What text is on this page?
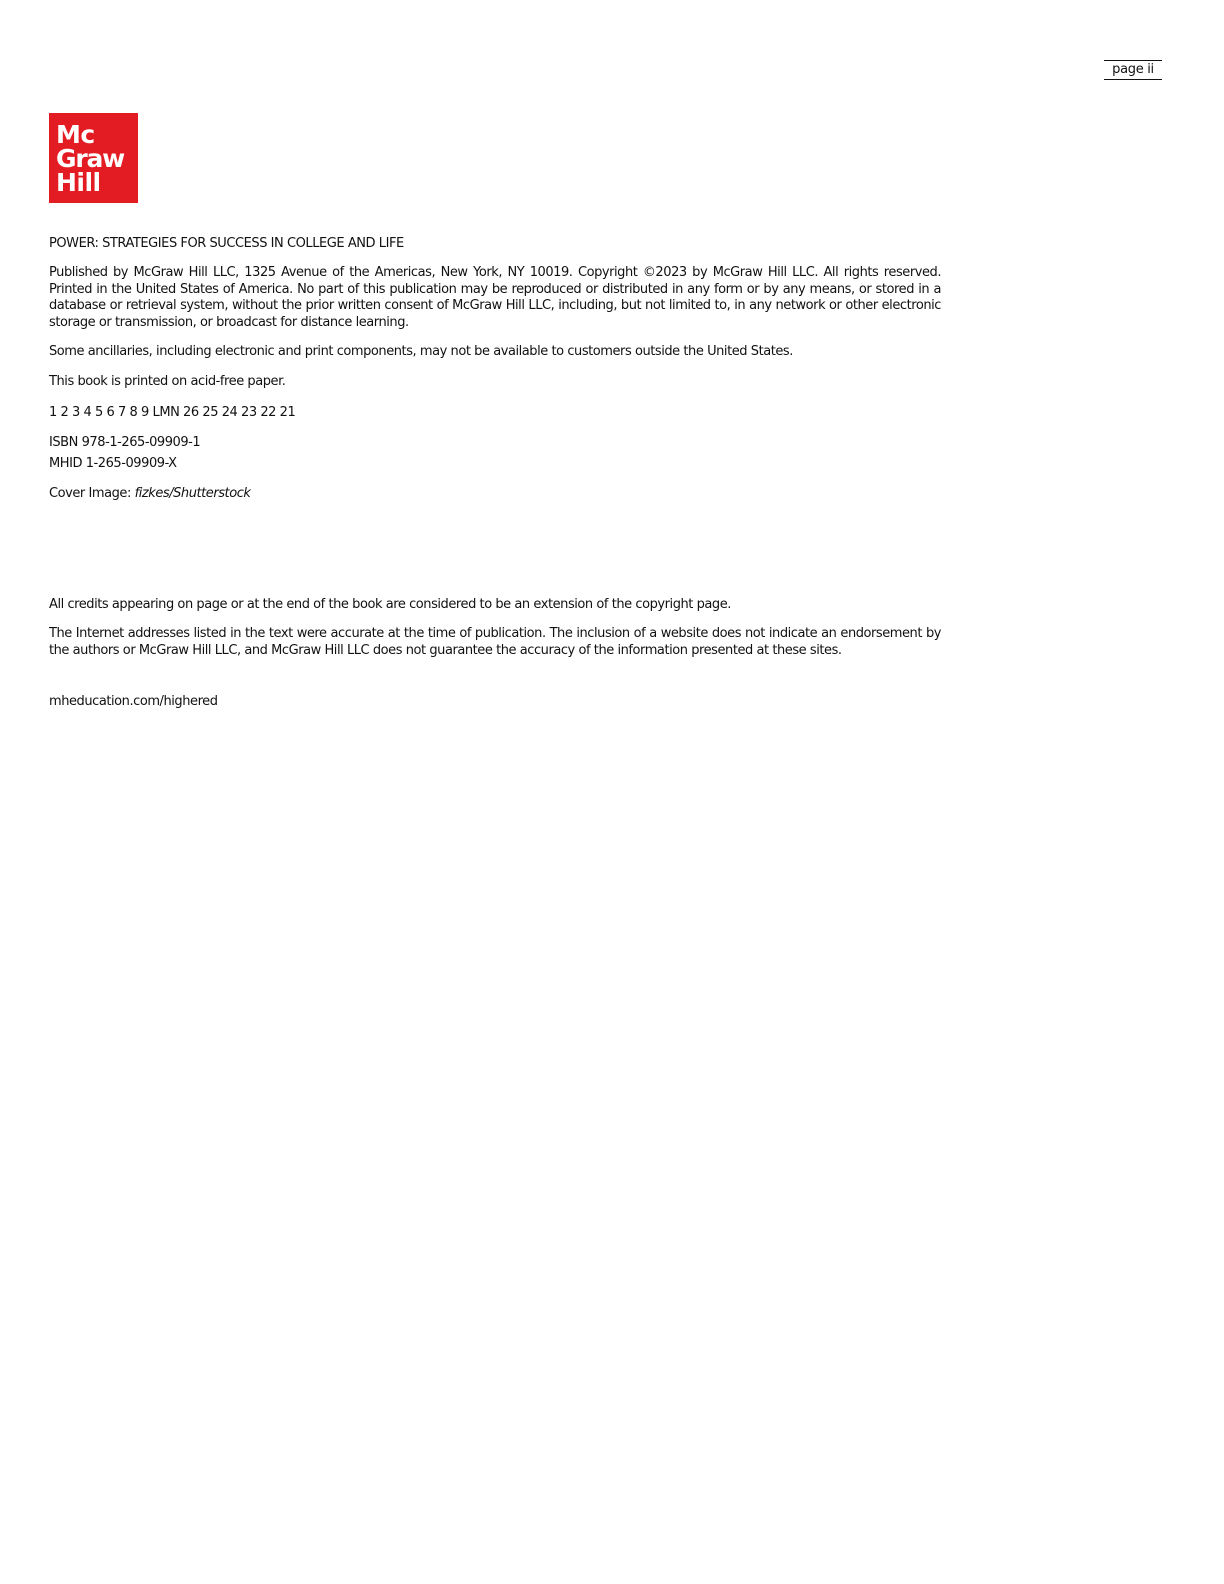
page ii
Mc
Graw
Hill

POWER: STRATEGIES FOR SUCCESS IN COLLEGE AND LIFE

Published by McGraw Hill LLC, 1325 Avenue of the Americas, New York, NY 10019. Copyright ©2023 by McGraw Hill LLC. All rights reserved. Printed in the United States of America. No part of this publication may be reproduced or distributed in any form or by any means, or stored in a database or retrieval system, without the prior written consent of McGraw Hill LLC, including, but not limited to, in any network or other electronic storage or transmission, or broadcast for distance learning.

Some ancillaries, including electronic and print components, may not be available to customers outside the United States.

This book is printed on acid-free paper.

1 2 3 4 5 6 7 8 9 LMN 26 25 24 23 22 21

ISBN 978-1-265-09909-1

MHID 1-265-09909-X

Cover Image: fizkes/Shutterstock

All credits appearing on page or at the end of the book are considered to be an extension of the copyright page.

The Internet addresses listed in the text were accurate at the time of publication. The inclusion of a website does not indicate an endorsement by the authors or McGraw Hill LLC, and McGraw Hill LLC does not guarantee the accuracy of the information presented at these sites.

mheducation.com/highered
